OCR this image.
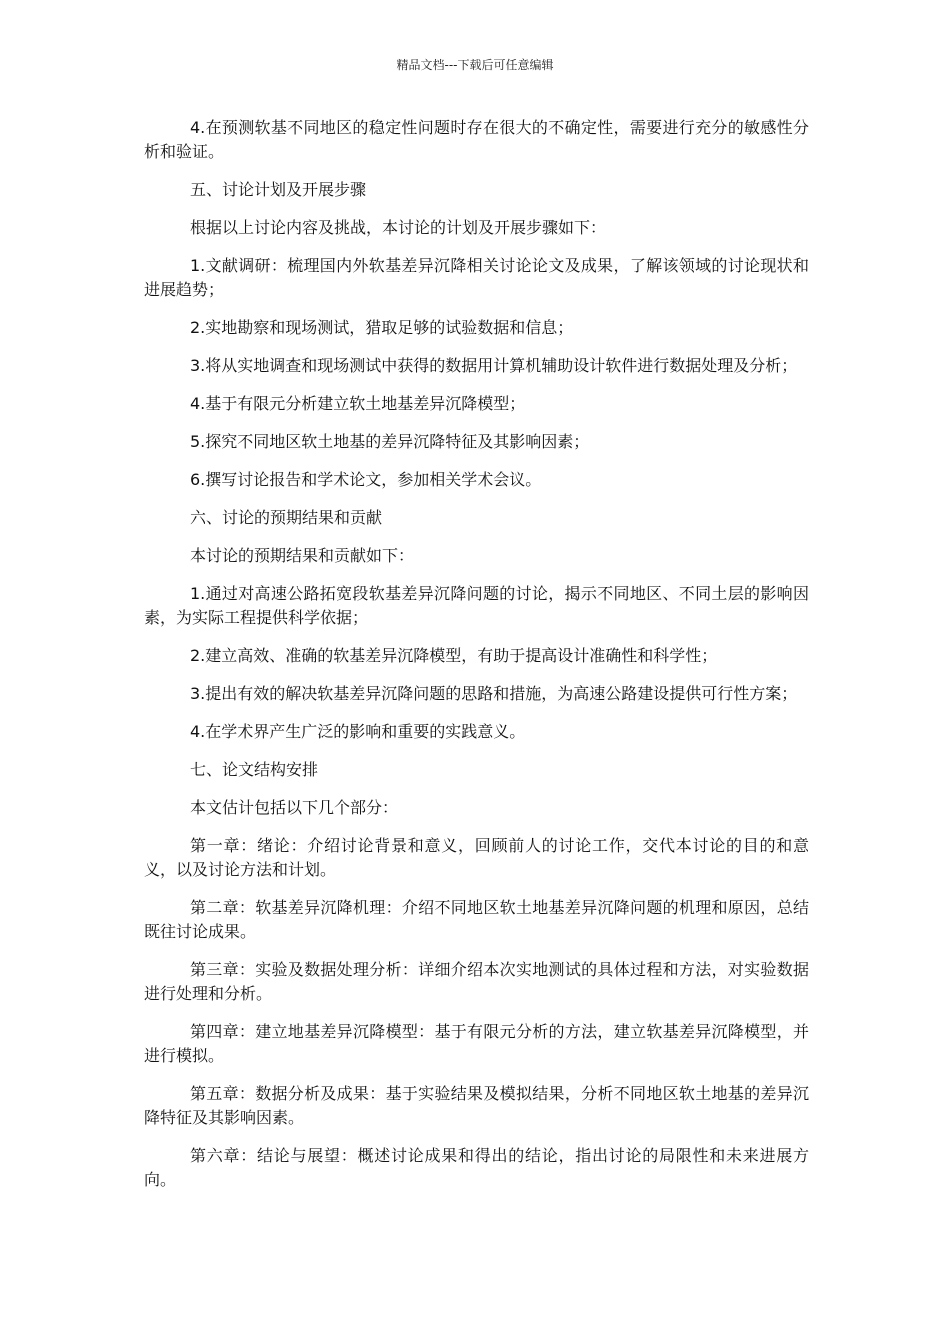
精品文档---下载后可任意编辑

4.在预测软基不同地区的稳定性问题时存在很大的不确定性，需要进行充分的敏感性分析和验证。

五、讨论计划及开展步骤

根据以上讨论内容及挑战，本讨论的计划及开展步骤如下：

1.文献调研：梳理国内外软基差异沉降相关讨论论文及成果，了解该领域的讨论现状和进展趋势；

2.实地勘察和现场测试，猎取足够的试验数据和信息；

3.将从实地调查和现场测试中获得的数据用计算机辅助设计软件进行数据处理及分析；

4.基于有限元分析建立软土地基差异沉降模型；

5.探究不同地区软土地基的差异沉降特征及其影响因素；

6.撰写讨论报告和学术论文，参加相关学术会议。

六、讨论的预期结果和贡献

本讨论的预期结果和贡献如下：

1.通过对高速公路拓宽段软基差异沉降问题的讨论，揭示不同地区、不同土层的影响因素，为实际工程提供科学依据；

2.建立高效、准确的软基差异沉降模型，有助于提高设计准确性和科学性；

3.提出有效的解决软基差异沉降问题的思路和措施，为高速公路建设提供可行性方案；

4.在学术界产生广泛的影响和重要的实践意义。

七、论文结构安排

本文估计包括以下几个部分：

第一章：绪论：介绍讨论背景和意义，回顾前人的讨论工作，交代本讨论的目的和意义，以及讨论方法和计划。

第二章：软基差异沉降机理：介绍不同地区软土地基差异沉降问题的机理和原因，总结既往讨论成果。

第三章：实验及数据处理分析：详细介绍本次实地测试的具体过程和方法，对实验数据进行处理和分析。

第四章：建立地基差异沉降模型：基于有限元分析的方法，建立软基差异沉降模型，并进行模拟。

第五章：数据分析及成果：基于实验结果及模拟结果，分析不同地区软土地基的差异沉降特征及其影响因素。

第六章：结论与展望：概述讨论成果和得出的结论，指出讨论的局限性和未来进展方向。
